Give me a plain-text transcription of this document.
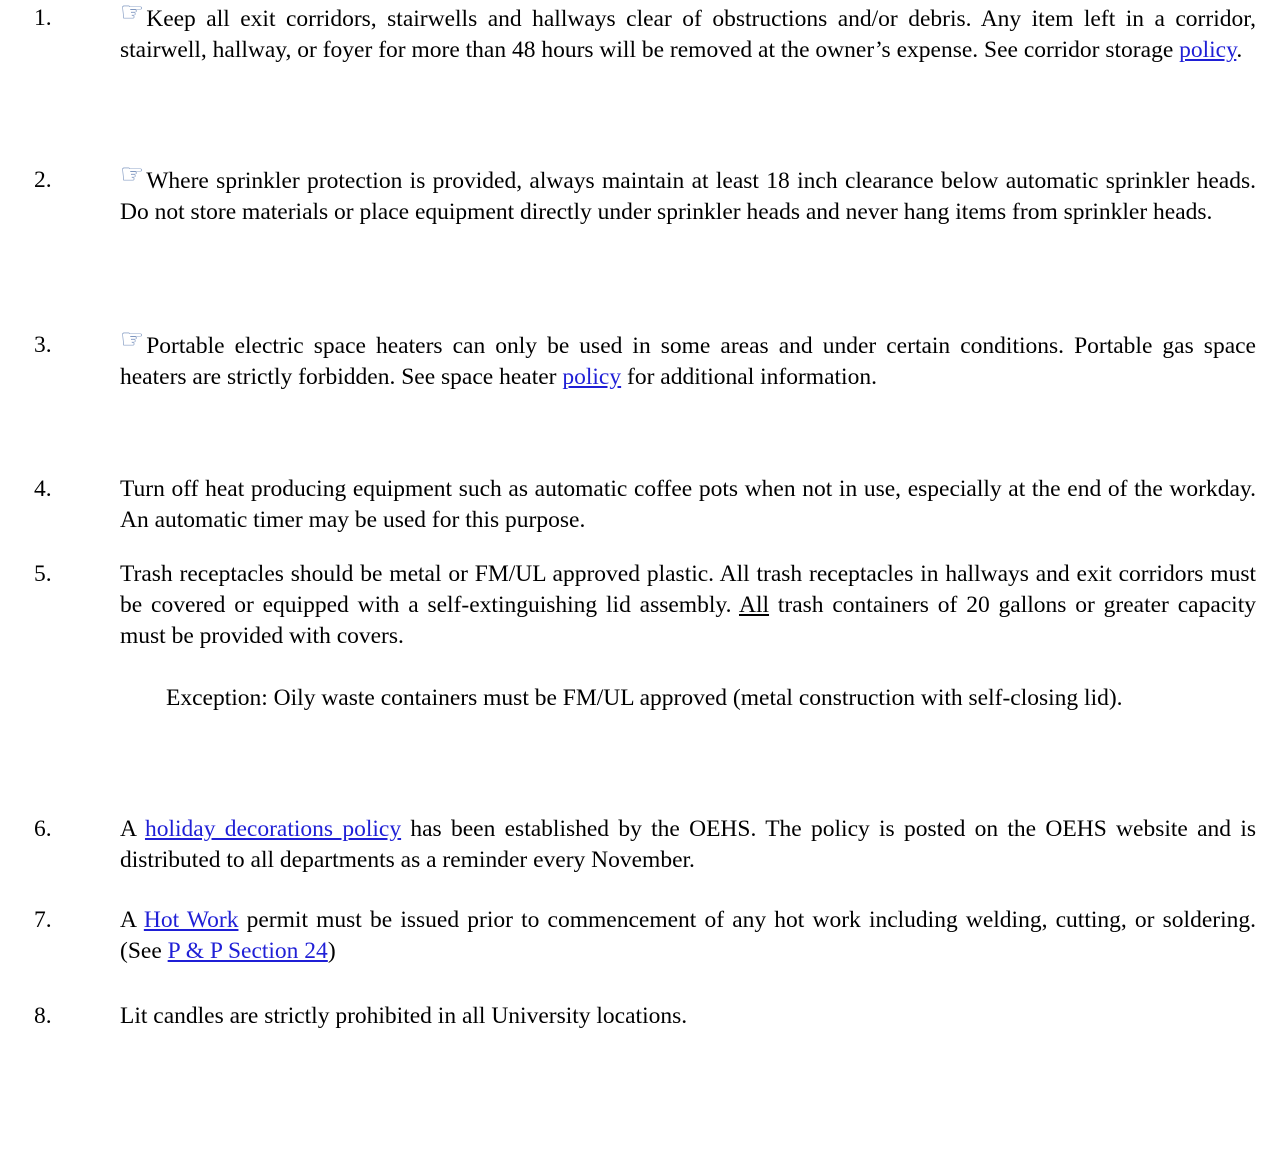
1.	☞Keep all exit corridors, stairwells and hallways clear of obstructions and/or debris. Any item left in a corridor, stairwell, hallway, or foyer for more than 48 hours will be removed at the owner’s expense. See corridor storage policy.
2.	☞Where sprinkler protection is provided, always maintain at least 18 inch clearance below automatic sprinkler heads. Do not store materials or place equipment directly under sprinkler heads and never hang items from sprinkler heads.
3.	☞Portable electric space heaters can only be used in some areas and under certain conditions. Portable gas space heaters are strictly forbidden. See space heater policy for additional information.
4.	Turn off heat producing equipment such as automatic coffee pots when not in use, especially at the end of the workday. An automatic timer may be used for this purpose.
5.	Trash receptacles should be metal or FM/UL approved plastic. All trash receptacles in hallways and exit corridors must be covered or equipped with a self-extinguishing lid assembly. All trash containers of 20 gallons or greater capacity must be provided with covers.
Exception: Oily waste containers must be FM/UL approved (metal construction with self-closing lid).
6.	A holiday decorations policy has been established by the OEHS. The policy is posted on the OEHS website and is distributed to all departments as a reminder every November.
7.	A Hot Work permit must be issued prior to commencement of any hot work including welding, cutting, or soldering. (See P & P Section 24)
8.	Lit candles are strictly prohibited in all University locations.
